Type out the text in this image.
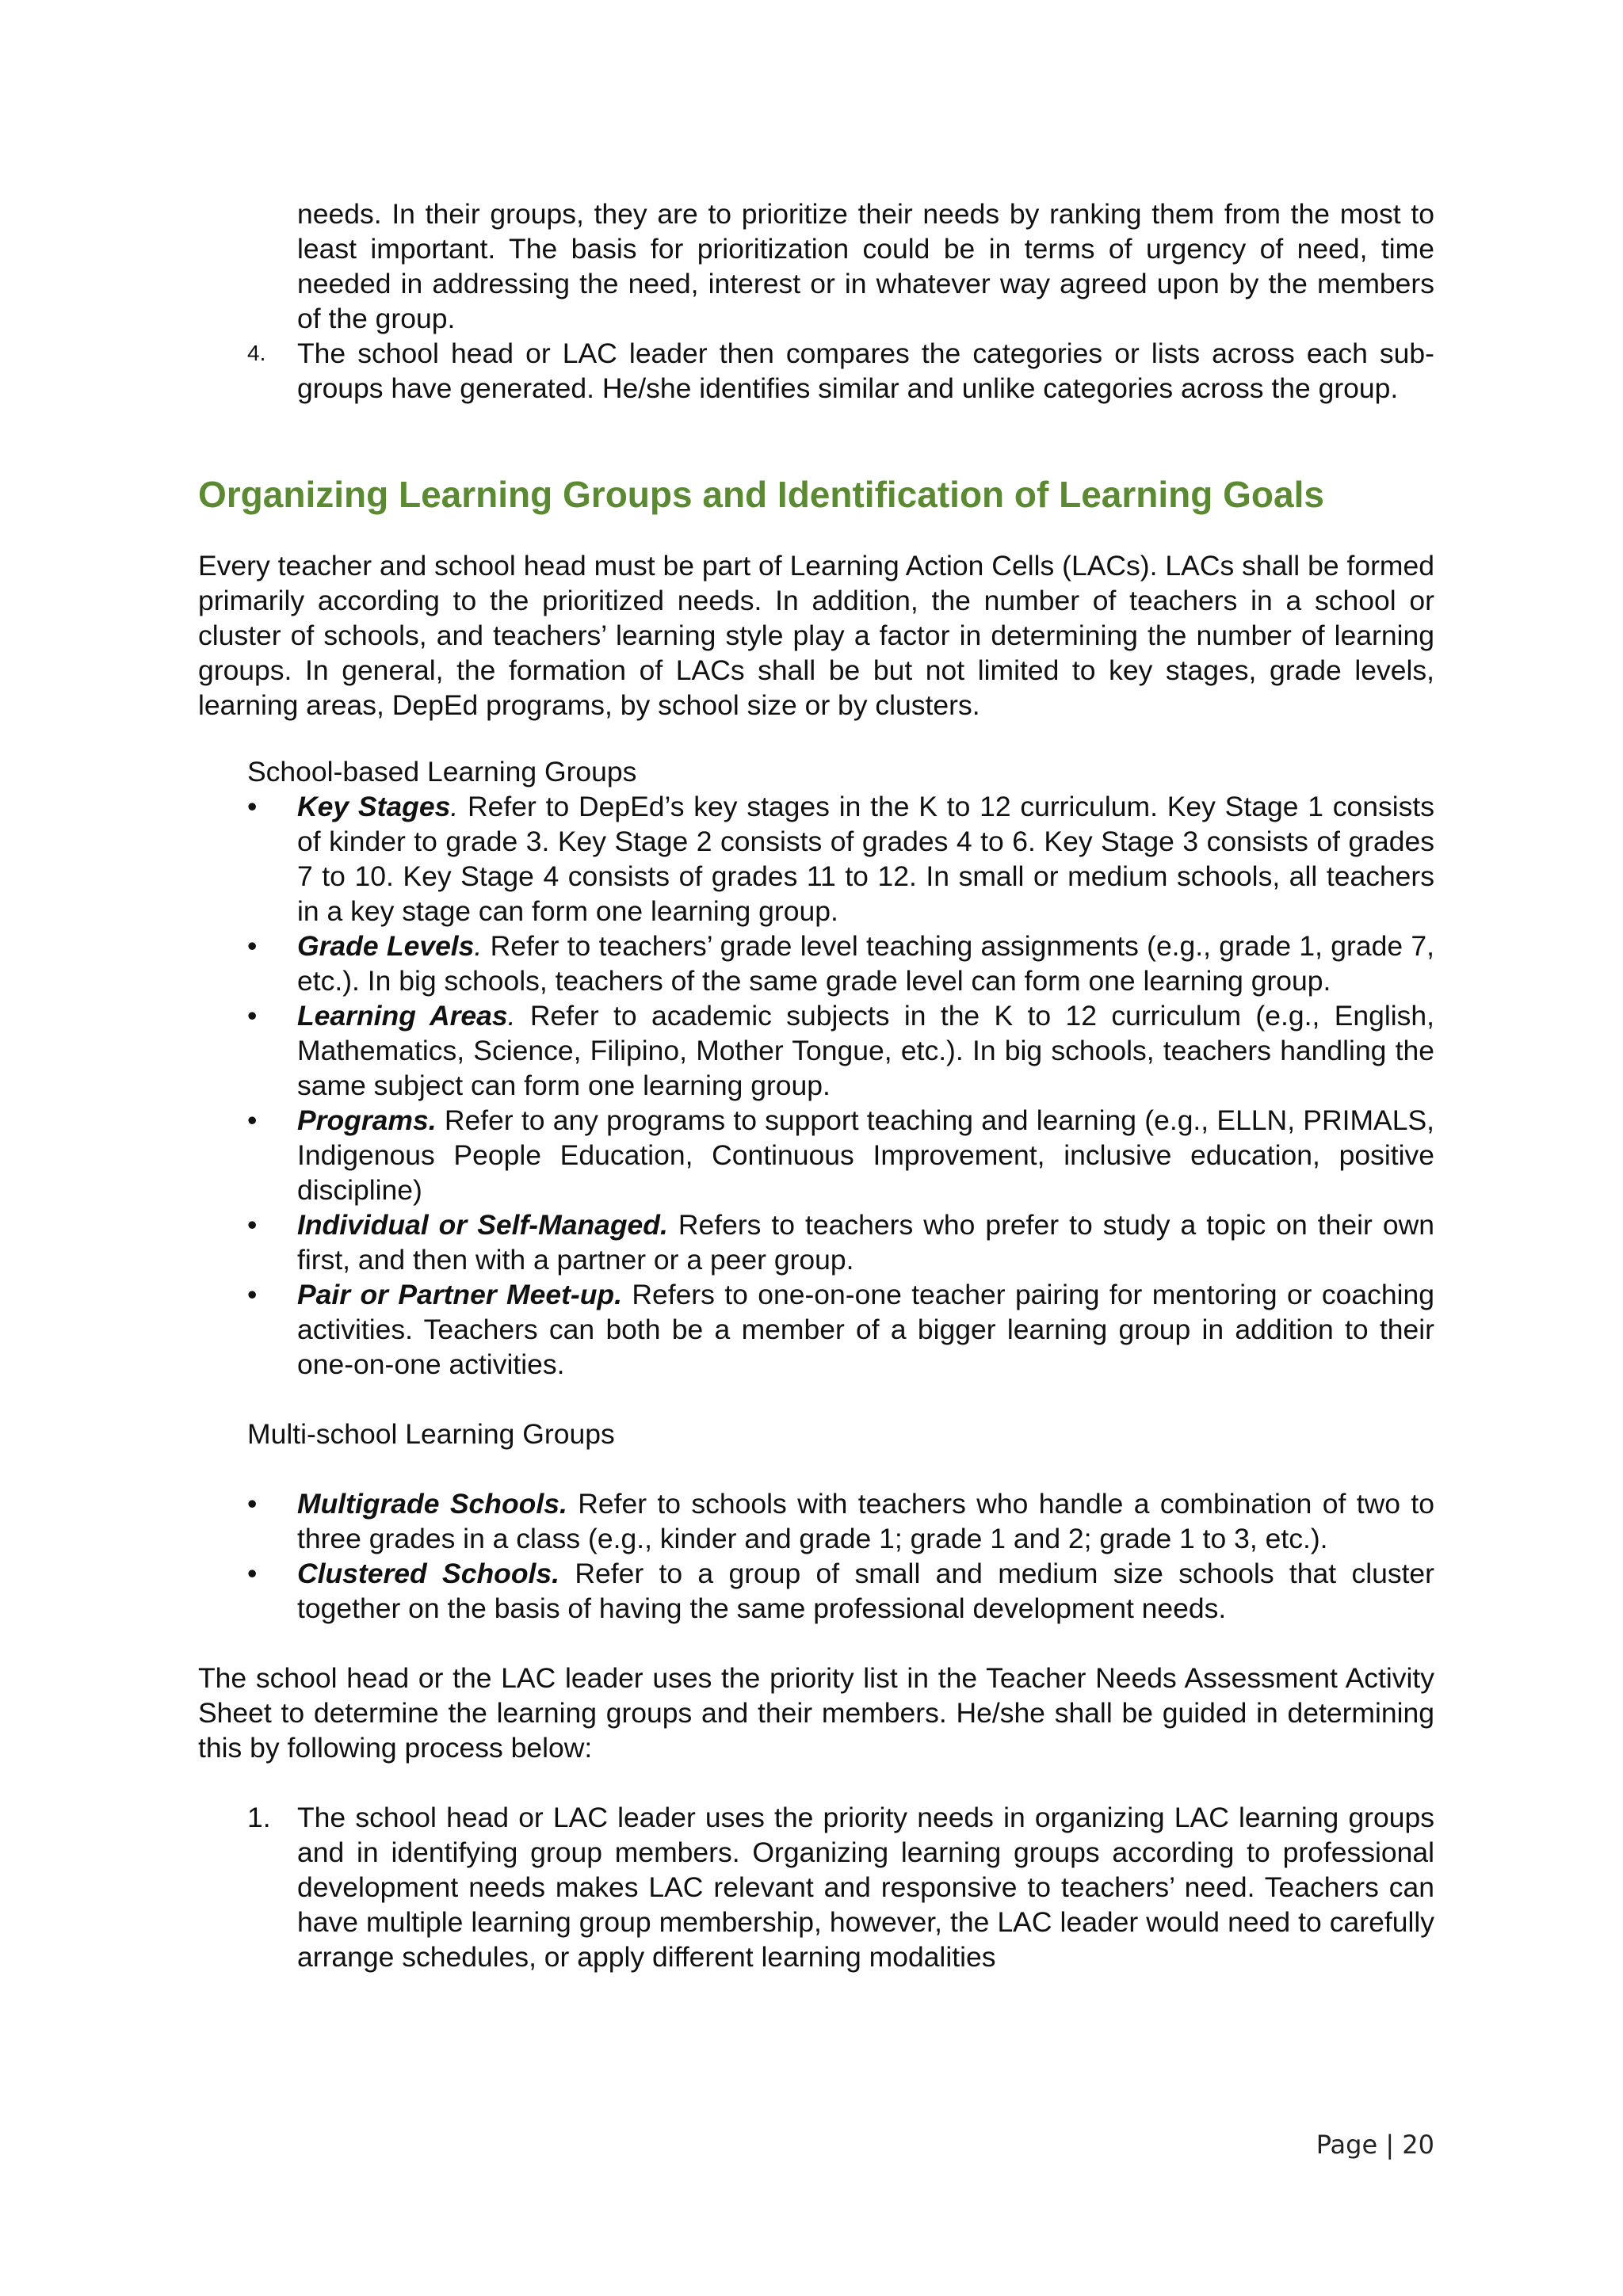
needs. In their groups, they are to prioritize their needs by ranking them from the most to least important. The basis for prioritization could be in terms of urgency of need, time needed in addressing the need, interest or in whatever way agreed upon by the members of the group.
4.	The school head or LAC leader then compares the categories or lists across each sub-groups have generated. He/she identifies similar and unlike categories across the group.
Organizing Learning Groups and Identification of Learning Goals
Every teacher and school head must be part of Learning Action Cells (LACs). LACs shall be formed primarily according to the prioritized needs. In addition, the number of teachers in a school or cluster of schools, and teachers’ learning style play a factor in determining the number of learning groups. In general, the formation of LACs shall be but not limited to key stages, grade levels, learning areas, DepEd programs, by school size or by clusters.
School-based Learning Groups
•	Key Stages. Refer to DepEd’s key stages in the K to 12 curriculum. Key Stage 1 consists of kinder to grade 3. Key Stage 2 consists of grades 4 to 6. Key Stage 3 consists of grades 7 to 10. Key Stage 4 consists of grades 11 to 12. In small or medium schools, all teachers in a key stage can form one learning group.
•	Grade Levels. Refer to teachers’ grade level teaching assignments (e.g., grade 1, grade 7, etc.). In big schools, teachers of the same grade level can form one learning group.
•	Learning Areas. Refer to academic subjects in the K to 12 curriculum (e.g., English, Mathematics, Science, Filipino, Mother Tongue, etc.). In big schools, teachers handling the same subject can form one learning group.
•	Programs. Refer to any programs to support teaching and learning (e.g., ELLN, PRIMALS, Indigenous People Education, Continuous Improvement, inclusive education, positive discipline)
•	Individual or Self-Managed. Refers to teachers who prefer to study a topic on their own first, and then with a partner or a peer group.
•	Pair or Partner Meet-up. Refers to one-on-one teacher pairing for mentoring or coaching activities. Teachers can both be a member of a bigger learning group in addition to their one-on-one activities.
Multi-school Learning Groups
•	Multigrade Schools. Refer to schools with teachers who handle a combination of two to three grades in a class (e.g., kinder and grade 1; grade 1 and 2; grade 1 to 3, etc.).
•	Clustered Schools. Refer to a group of small and medium size schools that cluster together on the basis of having the same professional development needs.
The school head or the LAC leader uses the priority list in the Teacher Needs Assessment Activity Sheet to determine the learning groups and their members. He/she shall be guided in determining this by following process below:
1. The school head or LAC leader uses the priority needs in organizing LAC learning groups and in identifying group members. Organizing learning groups according to professional development needs makes LAC relevant and responsive to teachers’ need. Teachers can have multiple learning group membership, however, the LAC leader would need to carefully arrange schedules, or apply different learning modalities
Page | 20
